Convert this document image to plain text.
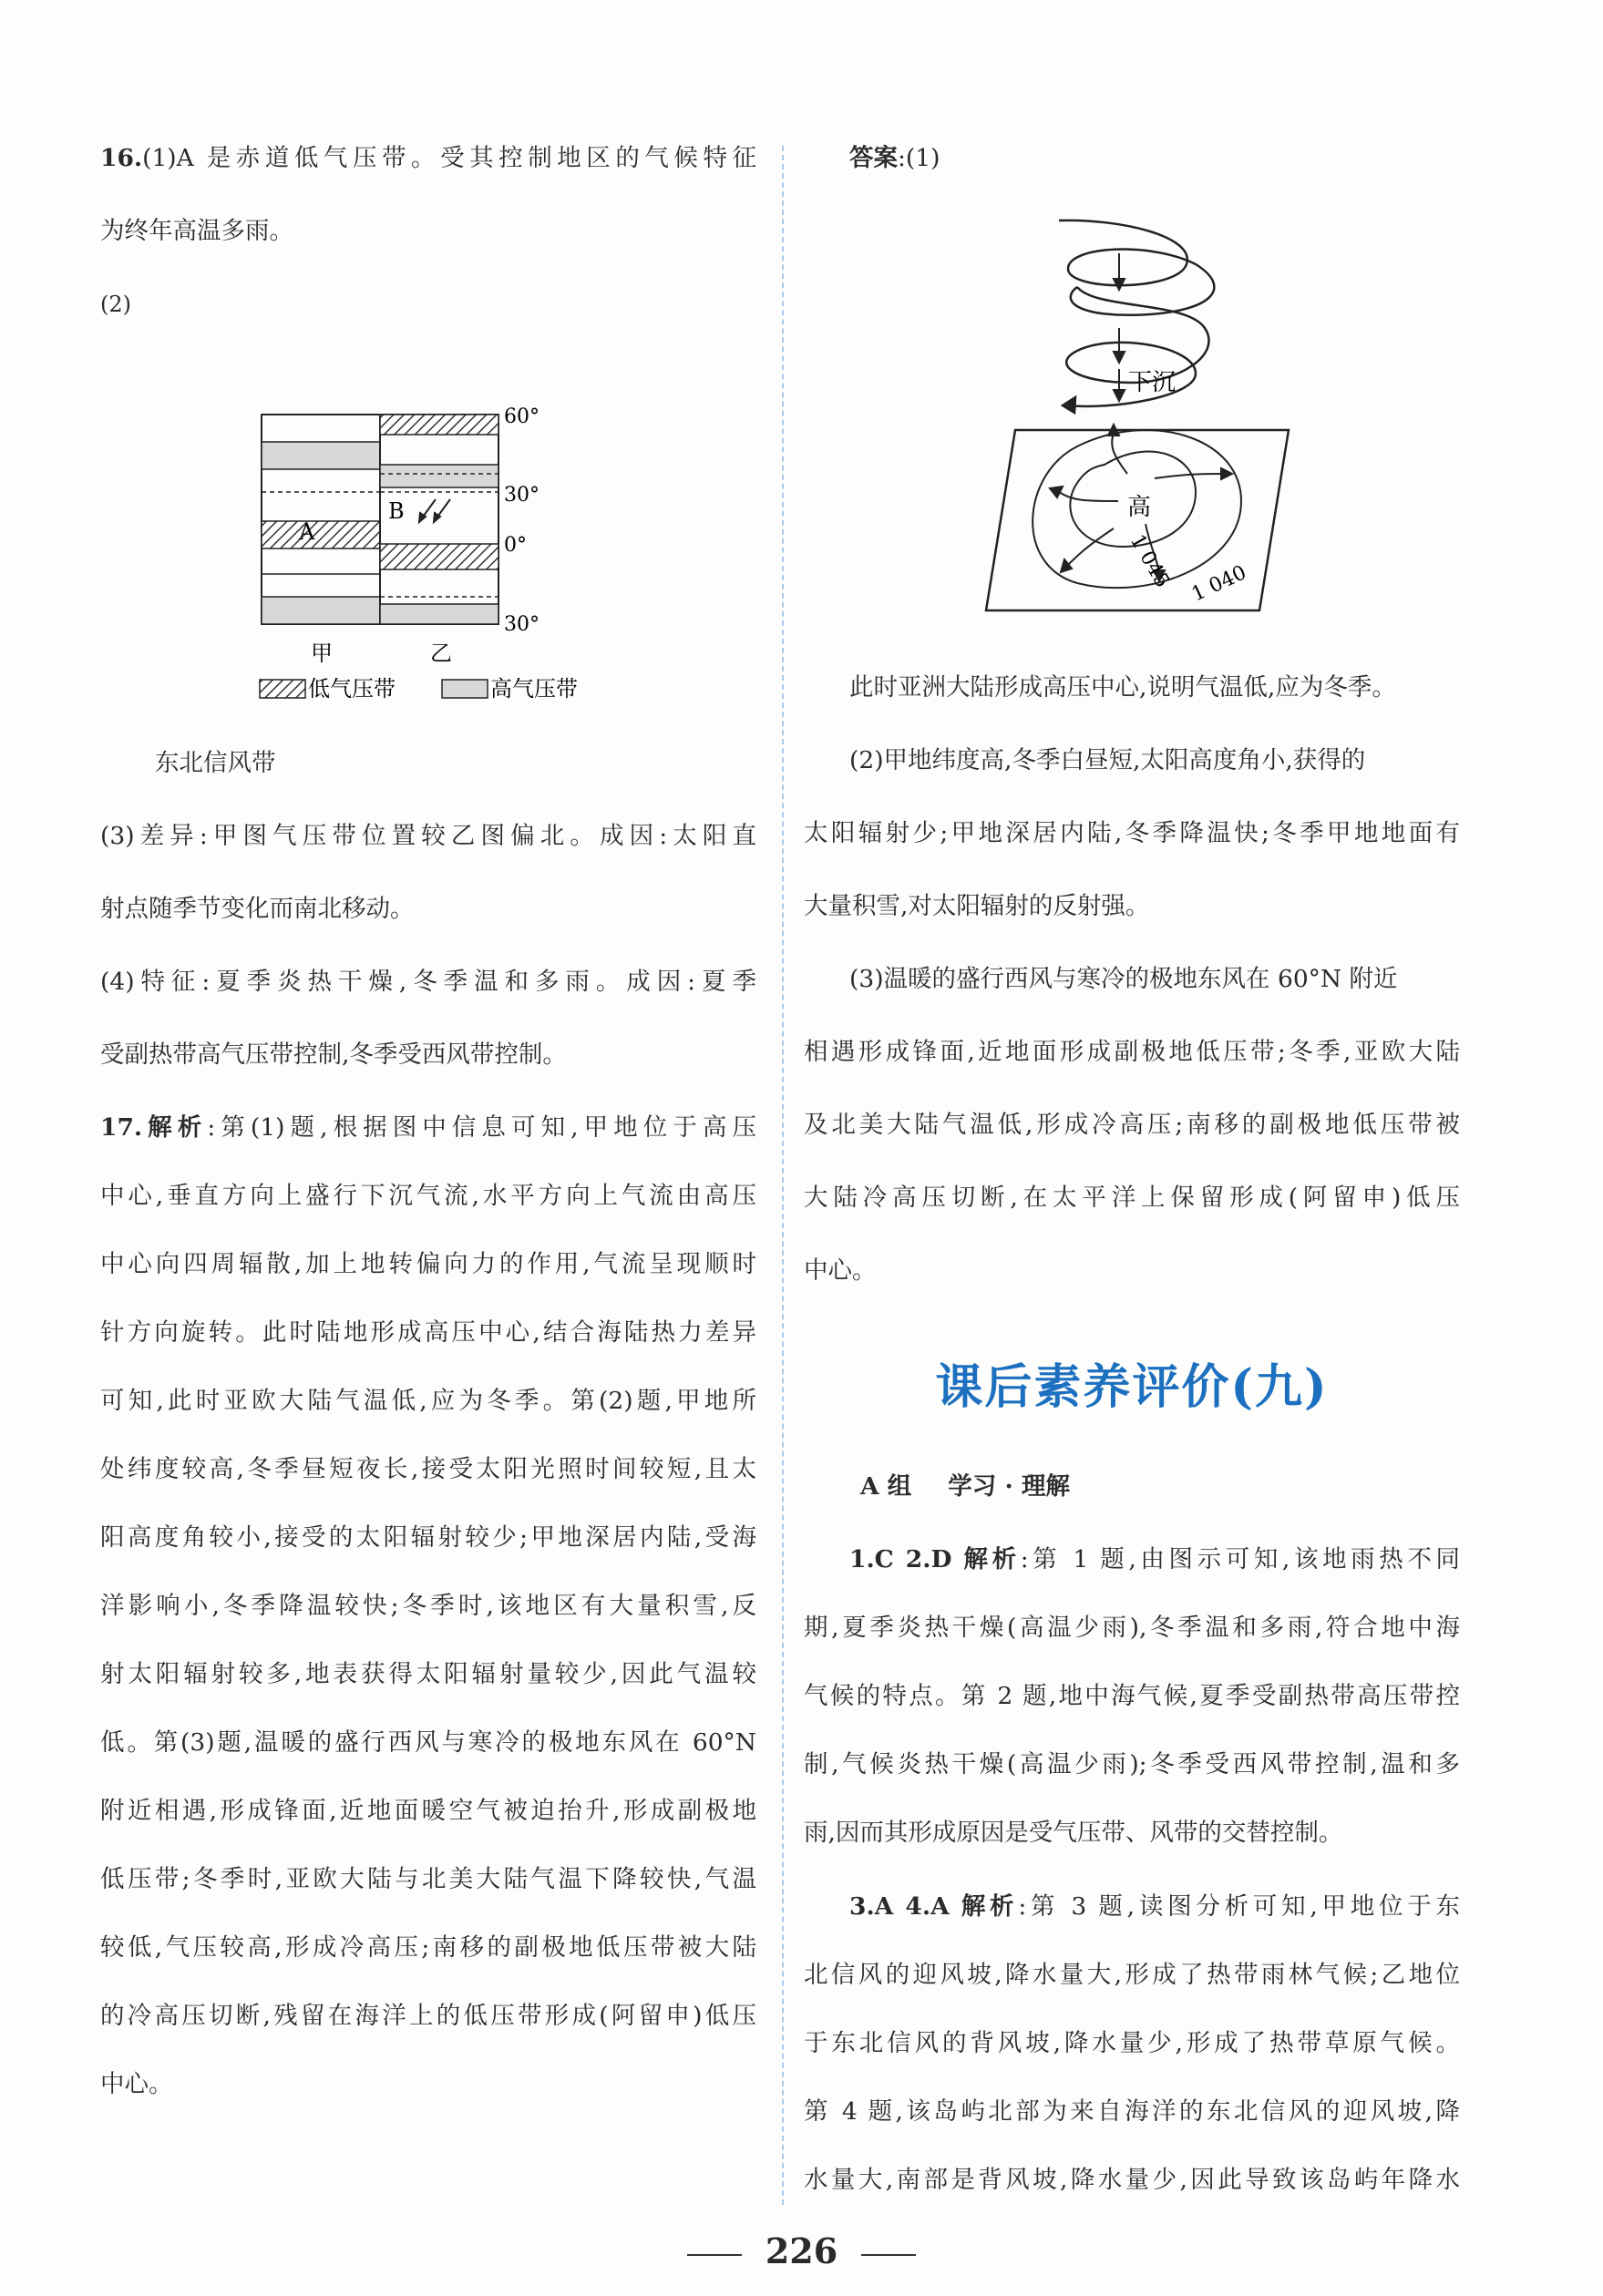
16.(1)A 是赤道低气压带。受其控制地区的气候特征
为终年高温多雨。
(2)
A
B
60°
30°
0°
30°
甲	乙
低气压带	高气压带
东北信风带
(3)差异:甲图气压带位置较乙图偏北。成因:太阳直
射点随季节变化而南北移动。
(4)特征:夏季炎热干燥,冬季温和多雨。成因:夏季
受副热带高气压带控制,冬季受西风带控制。
17.解析:第(1)题,根据图中信息可知,甲地位于高压
中心,垂直方向上盛行下沉气流,水平方向上气流由高压
中心向四周辐散,加上地转偏向力的作用,气流呈现顺时
针方向旋转。此时陆地形成高压中心,结合海陆热力差异
可知,此时亚欧大陆气温低,应为冬季。第(2)题,甲地所
处纬度较高,冬季昼短夜长,接受太阳光照时间较短,且太
阳高度角较小,接受的太阳辐射较少;甲地深居内陆,受海
洋影响小,冬季降温较快;冬季时,该地区有大量积雪,反
射太阳辐射较多,地表获得太阳辐射量较少,因此气温较
低。第(3)题,温暖的盛行西风与寒冷的极地东风在 60°N
附近相遇,形成锋面,近地面暖空气被迫抬升,形成副极地
低压带;冬季时,亚欧大陆与北美大陆气温下降较快,气温
较低,气压较高,形成冷高压;南移的副极地低压带被大陆
的冷高压切断,残留在海洋上的低压带形成(阿留申)低压
中心。
答案:(1)
下沉
高
1 045 1 040
此时亚洲大陆形成高压中心,说明气温低,应为冬季。
(2)甲地纬度高,冬季白昼短,太阳高度角小,获得的
太阳辐射少;甲地深居内陆,冬季降温快;冬季甲地地面有
大量积雪,对太阳辐射的反射强。
(3)温暖的盛行西风与寒冷的极地东风在 60°N 附近
相遇形成锋面,近地面形成副极地低压带;冬季,亚欧大陆
及北美大陆气温低,形成冷高压;南移的副极地低压带被
大陆冷高压切断,在太平洋上保留形成(阿留申)低压
中心。
课后素养评价(九)
A 组 学习 · 理解
1.C 2.D 解析:第 1 题,由图示可知,该地雨热不同
期,夏季炎热干燥(高温少雨),冬季温和多雨,符合地中海
气候的特点。第 2 题,地中海气候,夏季受副热带高压带控
制,气候炎热干燥(高温少雨);冬季受西风带控制,温和多
雨,因而其形成原因是受气压带、风带的交替控制。
3.A 4.A 解析:第 3 题,读图分析可知,甲地位于东
北信风的迎风坡,降水量大,形成了热带雨林气候;乙地位
于东北信风的背风坡,降水量少,形成了热带草原气候。
第 4 题,该岛屿北部为来自海洋的东北信风的迎风坡,降
水量大,南部是背风坡,降水量少,因此导致该岛屿年降水
226
